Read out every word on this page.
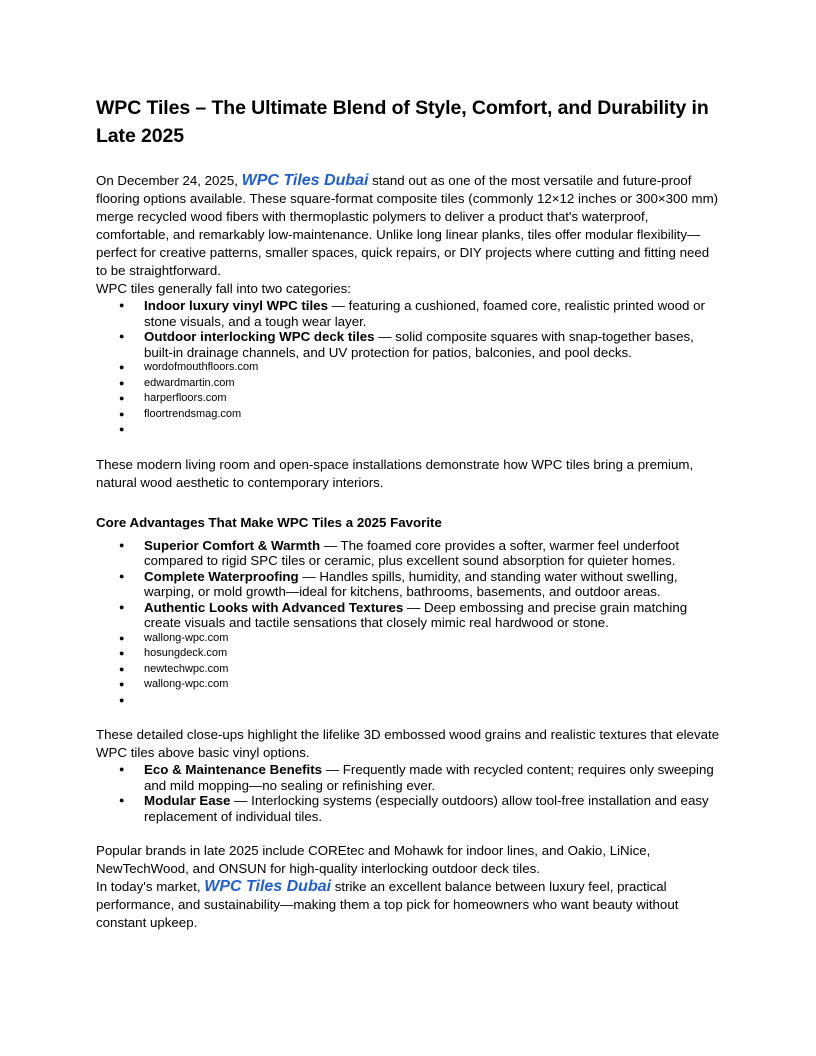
WPC Tiles – The Ultimate Blend of Style, Comfort, and Durability in Late 2025

On December 24, 2025, WPC Tiles Dubai stand out as one of the most versatile and future-proof flooring options available. These square-format composite tiles (commonly 12×12 inches or 300×300 mm) merge recycled wood fibers with thermoplastic polymers to deliver a product that's waterproof, comfortable, and remarkably low-maintenance. Unlike long linear planks, tiles offer modular flexibility—perfect for creative patterns, smaller spaces, quick repairs, or DIY projects where cutting and fitting need to be straightforward.

WPC tiles generally fall into two categories:

● Indoor luxury vinyl WPC tiles — featuring a cushioned, foamed core, realistic printed wood or stone visuals, and a tough wear layer.
● Outdoor interlocking WPC deck tiles — solid composite squares with snap-together bases, built-in drainage channels, and UV protection for patios, balconies, and pool decks.
● wordofmouthfloors.com
● edwardmartin.com
● harperfloors.com
● floortrendsmag.com
●

These modern living room and open-space installations demonstrate how WPC tiles bring a premium, natural wood aesthetic to contemporary interiors.

Core Advantages That Make WPC Tiles a 2025 Favorite
● Superior Comfort & Warmth — The foamed core provides a softer, warmer feel underfoot compared to rigid SPC tiles or ceramic, plus excellent sound absorption for quieter homes.
● Complete Waterproofing — Handles spills, humidity, and standing water without swelling, warping, or mold growth—ideal for kitchens, bathrooms, basements, and outdoor areas.
● Authentic Looks with Advanced Textures — Deep embossing and precise grain matching create visuals and tactile sensations that closely mimic real hardwood or stone.
● wallong-wpc.com
● hosungdeck.com
● newtechwpc.com
● wallong-wpc.com
●

These detailed close-ups highlight the lifelike 3D embossed wood grains and realistic textures that elevate WPC tiles above basic vinyl options.

● Eco & Maintenance Benefits — Frequently made with recycled content; requires only sweeping and mild mopping—no sealing or refinishing ever.
● Modular Ease — Interlocking systems (especially outdoors) allow tool-free installation and easy replacement of individual tiles.

Popular brands in late 2025 include COREtec and Mohawk for indoor lines, and Oakio, LiNice, NewTechWood, and ONSUN for high-quality interlocking outdoor deck tiles.

In today's market, WPC Tiles Dubai strike an excellent balance between luxury feel, practical performance, and sustainability—making them a top pick for homeowners who want beauty without constant upkeep.
